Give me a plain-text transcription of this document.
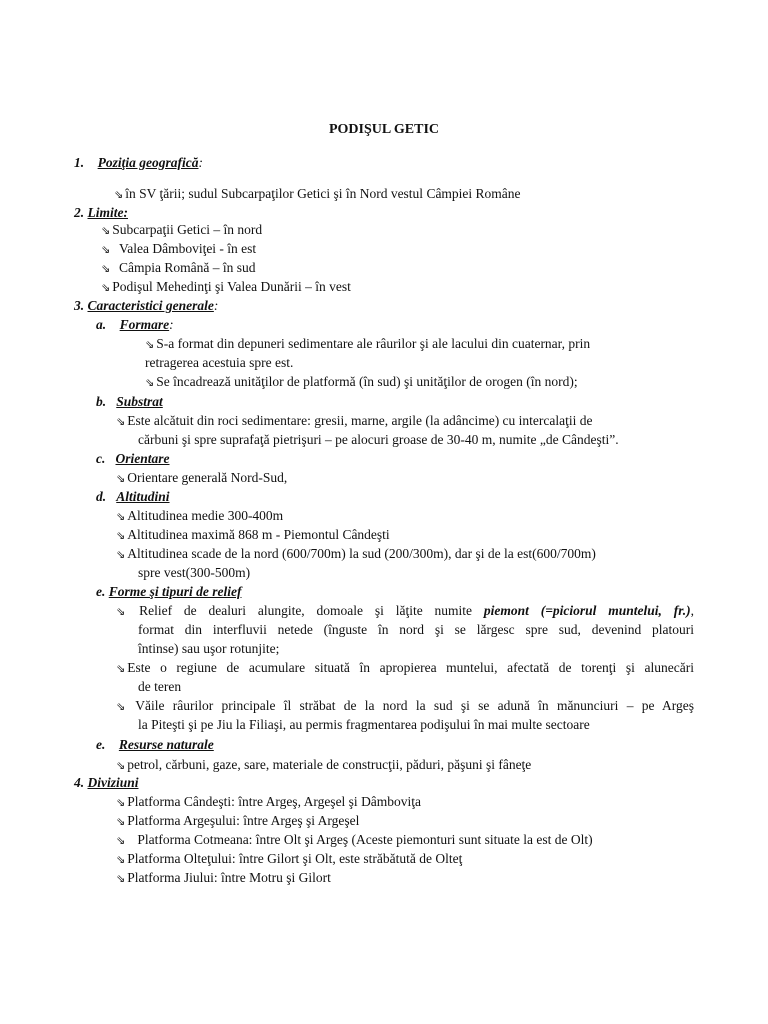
PODIŞUL GETIC
1. Poziţia geografică:
⇘ în SV ţării; sudul Subcarpaţilor Getici şi în Nord vestul Câmpiei Române
2. Limite:
⇘ Subcarpaţii Getici – în nord
⇘ Valea Dâmboviţei - în est
⇘ Câmpia Română – în sud
⇘ Podişul Mehedinţi şi Valea Dunării – în vest
3. Caracteristici generale:
a. Formare:
⇘ S-a format din depuneri sedimentare ale râurilor şi ale lacului din cuaternar, prin
retragerea acestuia spre est.
⇘ Se încadrează unităţilor de platformă (în sud) şi unităţilor de orogen (în nord);
b. Substrat
⇘ Este alcătuit din roci sedimentare: gresii, marne, argile (la adâncime) cu intercalaţii de
cărbuni şi spre suprafaţă pietrişuri – pe alocuri groase de 30-40 m, numite „de Cândeşti”.
c. Orientare
⇘ Orientare generală Nord-Sud,
d. Altitudini
⇘ Altitudinea medie 300-400m
⇘ Altitudinea maximă 868 m - Piemontul Cândeşti
⇘ Altitudinea scade de la nord (600/700m) la sud (200/300m), dar şi de la est(600/700m)
spre vest(300-500m)
e. Forme şi tipuri de relief
⇘ Relief de dealuri alungite, domoale şi lăţite numite piemont (=piciorul muntelui, fr.),
format din interfluvii netede (înguste în nord şi se lărgesc spre sud, devenind platouri
întinse) sau uşor rotunjite;
⇘ Este o regiune de acumulare situată în apropierea muntelui, afectată de torenţi şi alunecări
de teren
⇘ Văile râurilor principale îl străbat de la nord la sud şi se adună în mănunciuri – pe Argeş
la Piteşti şi pe Jiu la Filiaşi, au permis fragmentarea podişului în mai multe sectoare
e. Resurse naturale
⇘ petrol, cărbuni, gaze, sare, materiale de construcţii, păduri, păşuni şi fâneţe
4. Diviziuni
⇘ Platforma Cândeşti: între Argeş, Argeşel şi Dâmboviţa
⇘ Platforma Argeşului: între Argeş şi Argeşel
⇘ Platforma Cotmeana: între Olt şi Argeş (Aceste piemonturi sunt situate la est de Olt)
⇘ Platforma Olteţului: între Gilort şi Olt, este străbătută de Olteţ
⇘ Platforma Jiului: între Motru şi Gilort
